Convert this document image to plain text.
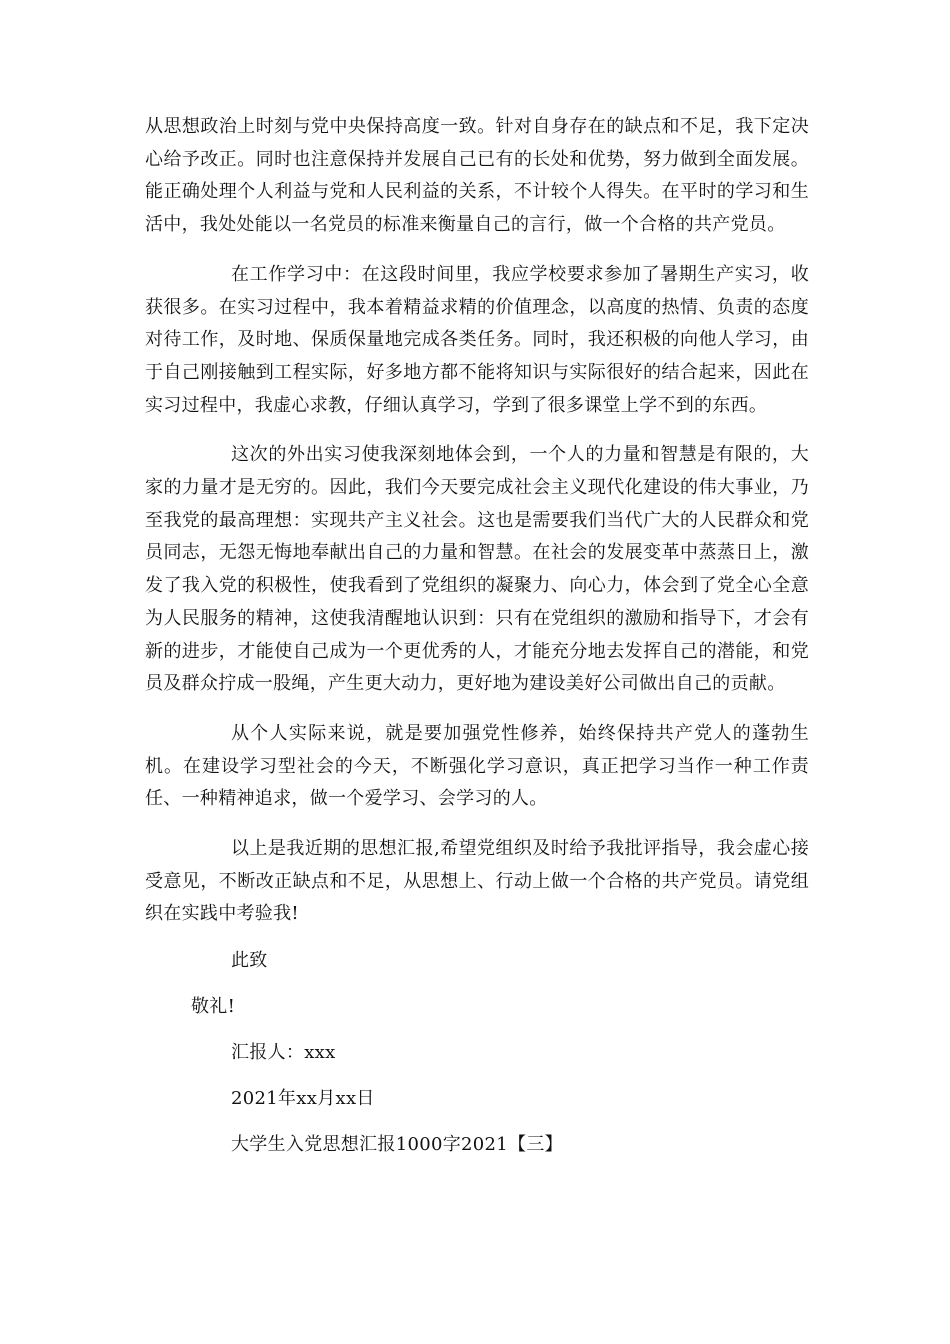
从思想政治上时刻与党中央保持高度一致。针对自身存在的缺点和不足，我下定决心给予改正。同时也注意保持并发展自己已有的长处和优势，努力做到全面发展。能正确处理个人利益与党和人民利益的关系，不计较个人得失。在平时的学习和生活中，我处处能以一名党员的标准来衡量自己的言行，做一个合格的共产党员。

在工作学习中：在这段时间里，我应学校要求参加了暑期生产实习，收获很多。在实习过程中，我本着精益求精的价值理念，以高度的热情、负责的态度对待工作，及时地、保质保量地完成各类任务。同时，我还积极的向他人学习，由于自己刚接触到工程实际，好多地方都不能将知识与实际很好的结合起来，因此在实习过程中，我虚心求教，仔细认真学习，学到了很多课堂上学不到的东西。

这次的外出实习使我深刻地体会到，一个人的力量和智慧是有限的，大家的力量才是无穷的。因此，我们今天要完成社会主义现代化建设的伟大事业，乃至我党的最高理想：实现共产主义社会。这也是需要我们当代广大的人民群众和党员同志，无怨无悔地奉献出自己的力量和智慧。在社会的发展变革中蒸蒸日上，激发了我入党的积极性，使我看到了党组织的凝聚力、向心力，体会到了党全心全意为人民服务的精神，这使我清醒地认识到：只有在党组织的激励和指导下，才会有新的进步，才能使自己成为一个更优秀的人，才能充分地去发挥自己的潜能，和党员及群众拧成一股绳，产生更大动力，更好地为建设美好公司做出自己的贡献。

从个人实际来说，就是要加强党性修养，始终保持共产党人的蓬勃生机。在建设学习型社会的今天，不断强化学习意识，真正把学习当作一种工作责任、一种精神追求，做一个爱学习、会学习的人。

以上是我近期的思想汇报,希望党组织及时给予我批评指导，我会虚心接受意见，不断改正缺点和不足，从思想上、行动上做一个合格的共产党员。请党组织在实践中考验我!

此致

敬礼!

汇报人：xxx

2021年xx月xx日

大学生入党思想汇报1000字2021【三】
